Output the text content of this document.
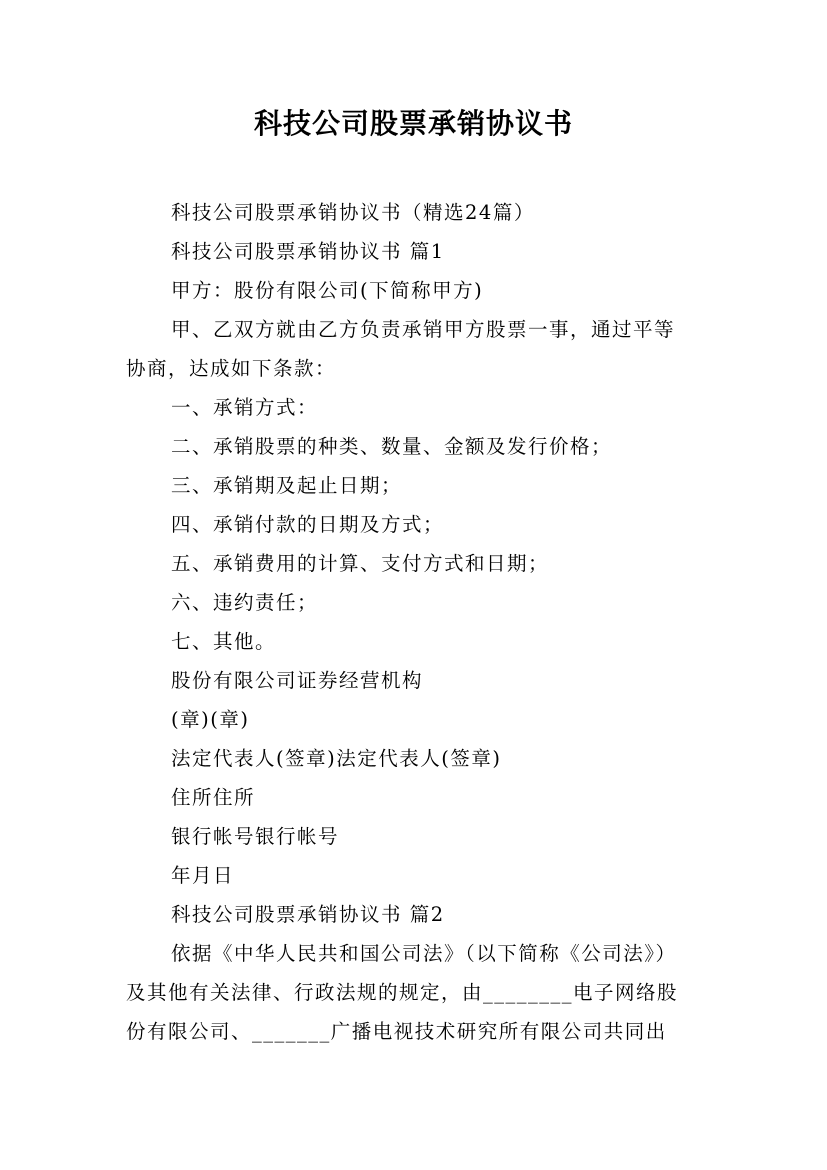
科技公司股票承销协议书

科技公司股票承销协议书（精选24篇）

科技公司股票承销协议书 篇1

甲方：股份有限公司(下简称甲方)

甲、乙双方就由乙方负责承销甲方股票一事，通过平等

协商，达成如下条款：

一、承销方式：

二、承销股票的种类、数量、金额及发行价格；

三、承销期及起止日期；

四、承销付款的日期及方式；

五、承销费用的计算、支付方式和日期；

六、违约责任；

七、其他。

股份有限公司证券经营机构

(章)(章)

法定代表人(签章)法定代表人(签章)

住所住所

银行帐号银行帐号

年月日

科技公司股票承销协议书 篇2

依据《中华人民共和国公司法》（以下简称《公司法》）

及其他有关法律、行政法规的规定，由________电子网络股

份有限公司、_______广播电视技术研究所有限公司共同出
